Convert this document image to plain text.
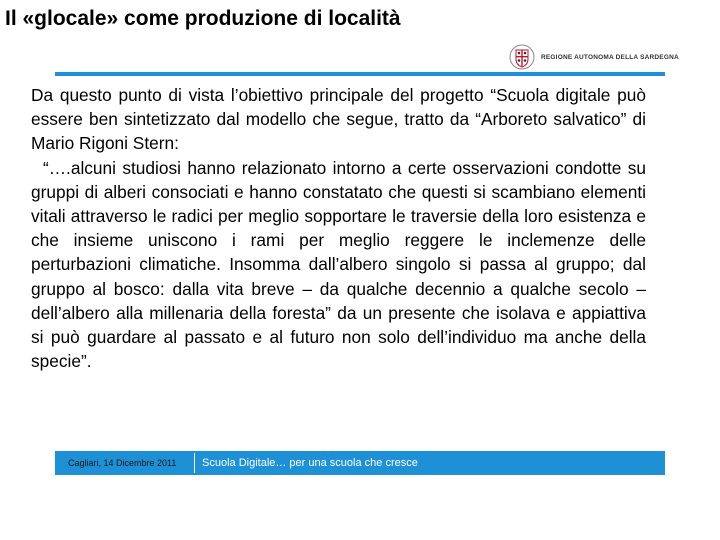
Il «glocale» come produzione di località
REGIONE AUTONOMA DELLA SARDEGNA

Da questo punto di vista l’obiettivo principale del progetto “Scuola digitale può essere ben sintetizzato dal modello che segue, tratto da “Arboreto salvatico” di Mario Rigoni Stern:

“….alcuni studiosi hanno relazionato intorno a certe osservazioni condotte su gruppi di alberi consociati e hanno constatato che questi si scambiano elementi vitali attraverso le radici per meglio sopportare le traversie della loro esistenza e che insieme uniscono i rami per meglio reggere le inclemenze delle perturbazioni climatiche. Insomma dall’albero singolo si passa al gruppo; dal gruppo al bosco: dalla vita breve – da qualche decennio a qualche secolo – dell’albero alla millenaria della foresta” da un presente che isolava e appiattiva si può guardare al passato e al futuro non solo dell’individuo ma anche della specie”.

Cagliari, 14 Dicembre 2011 Scuola Digitale… per una scuola che cresce
